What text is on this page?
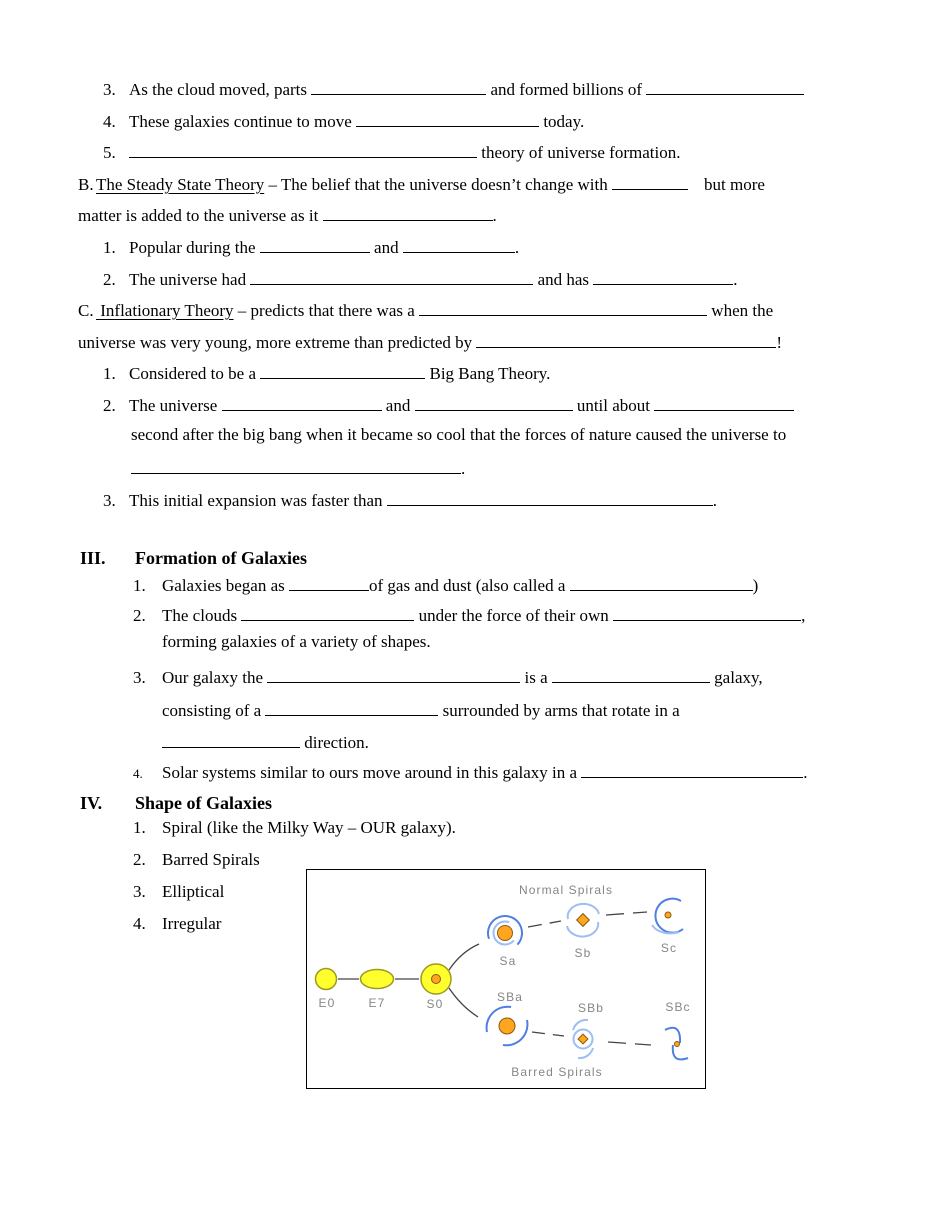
3. As the cloud moved, parts	and formed billions of
4. These galaxies continue to move	today.
5.	theory of universe formation.
B. The Steady State Theory – The belief that the universe doesn’t change with	but more
matter is added to the universe as it	.
1. Popular during the	and	.
2. The universe had	and has	.
C. Inflationary Theory – predicts that there was a	when the
universe was very young, more extreme than predicted by	!
1. Considered to be a	Big Bang Theory.
2. The universe	and	until about
second after the big bang when it became so cool that the forces of nature caused the universe to
.
3. This initial expansion was faster than	.
III. Formation of Galaxies
1. Galaxies began as	of gas and dust (also called a	)
2. The clouds	under the force of their own	,
forming galaxies of a variety of shapes.
3. Our galaxy the	is a	galaxy,
consisting of a	surrounded by arms that rotate in a
direction.
4. Solar systems similar to ours move around in this galaxy in a	.
IV. Shape of Galaxies
1. Spiral (like the Milky Way – OUR galaxy).
2. Barred Spirals
3. Elliptical
4. Irregular
Normal Spirals
Sa
Sb	Sc
E0	E7	S0	SBa
SBb	SBc
Barred Spirals
